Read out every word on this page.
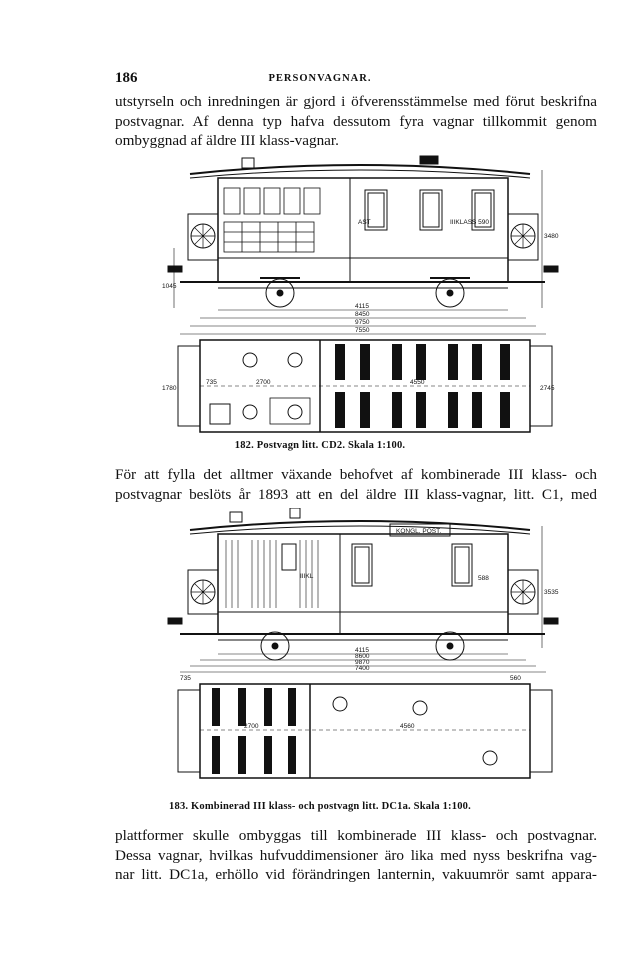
186	PERSONVAGNAR.

utstyrseln och inredningen är gjord i öfverensstämmelse med förut beskrifna
postvagnar. Af denna typ hafva dessutom fyra vagnar tillkommit genom
ombyggnad af äldre III klass-vagnar.

AST	IIIKLASS 590
4115
8450
9750
7550
1045
3480
1780
735	2700	4550
2745
182. Postvagn litt. CD2. Skala 1:100.

För att fylla det alltmer växande behofvet af kombinerade III klass- och
postvagnar beslöts år 1893 att en del äldre III klass-vagnar, litt. C1, med

IIIKL
KONGL. POST.
588
4115
8600
9870
7400
3535
735	560
2700	4560
183. Kombinerad III klass- och postvagn litt. DC1a. Skala 1:100.

plattformer skulle ombyggas till kombinerade III klass- och postvagnar.
Dessa vagnar, hvilkas hufvuddimensioner äro lika med nyss beskrifna vag-
nar litt. DC1a, erhöllo vid förändringen lanternin, vakuumrör samt appara-
